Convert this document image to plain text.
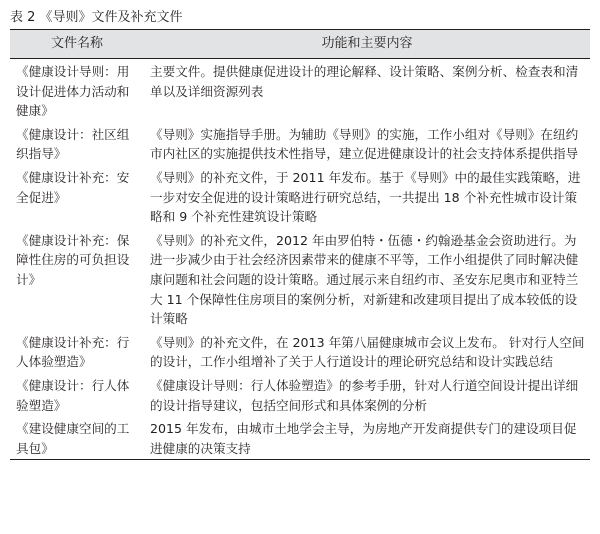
表 2 《导则》文件及补充文件
文件名称	功能和主要内容
《健康设计导则：用设计促进体力活动和健康》	主要文件。提供健康促进设计的理论解释、设计策略、案例分析、检查表和清单以及详细资源列表
《健康设计：社区组织指导》	《导则》实施指导手册。为辅助《导则》的实施，工作小组对《导则》在纽约市内社区的实施提供技术性指导，建立促进健康设计的社会支持体系提供指导
《健康设计补充：安全促进》	《导则》的补充文件，于 2011 年发布。基于《导则》中的最佳实践策略，进一步对安全促进的设计策略进行研究总结，一共提出 18 个补充性城市设计策略和 9 个补充性建筑设计策略
《健康设计补充：保障性住房的可负担设计》	《导则》的补充文件，2012 年由罗伯特・伍德・约翰逊基金会资助进行。为进一步减少由于社会经济因素带来的健康不平等，工作小组提供了同时解决健康问题和社会问题的设计策略。通过展示来自纽约市、圣安东尼奥市和亚特兰大 11 个保障性住房项目的案例分析，对新建和改建项目提出了成本较低的设计策略
《健康设计补充：行人体验塑造》	《导则》的补充文件，在 2013 年第八届健康城市会议上发布。 针对行人空间的设计，工作小组增补了关于人行道设计的理论研究总结和设计实践总结
《健康设计：行人体验塑造》	《健康设计导则：行人体验塑造》的参考手册，针对人行道空间设计提出详细的设计指导建议，包括空间形式和具体案例的分析
《建设健康空间的工具包》	2015 年发布，由城市土地学会主导，为房地产开发商提供专门的建设项目促进健康的决策支持
